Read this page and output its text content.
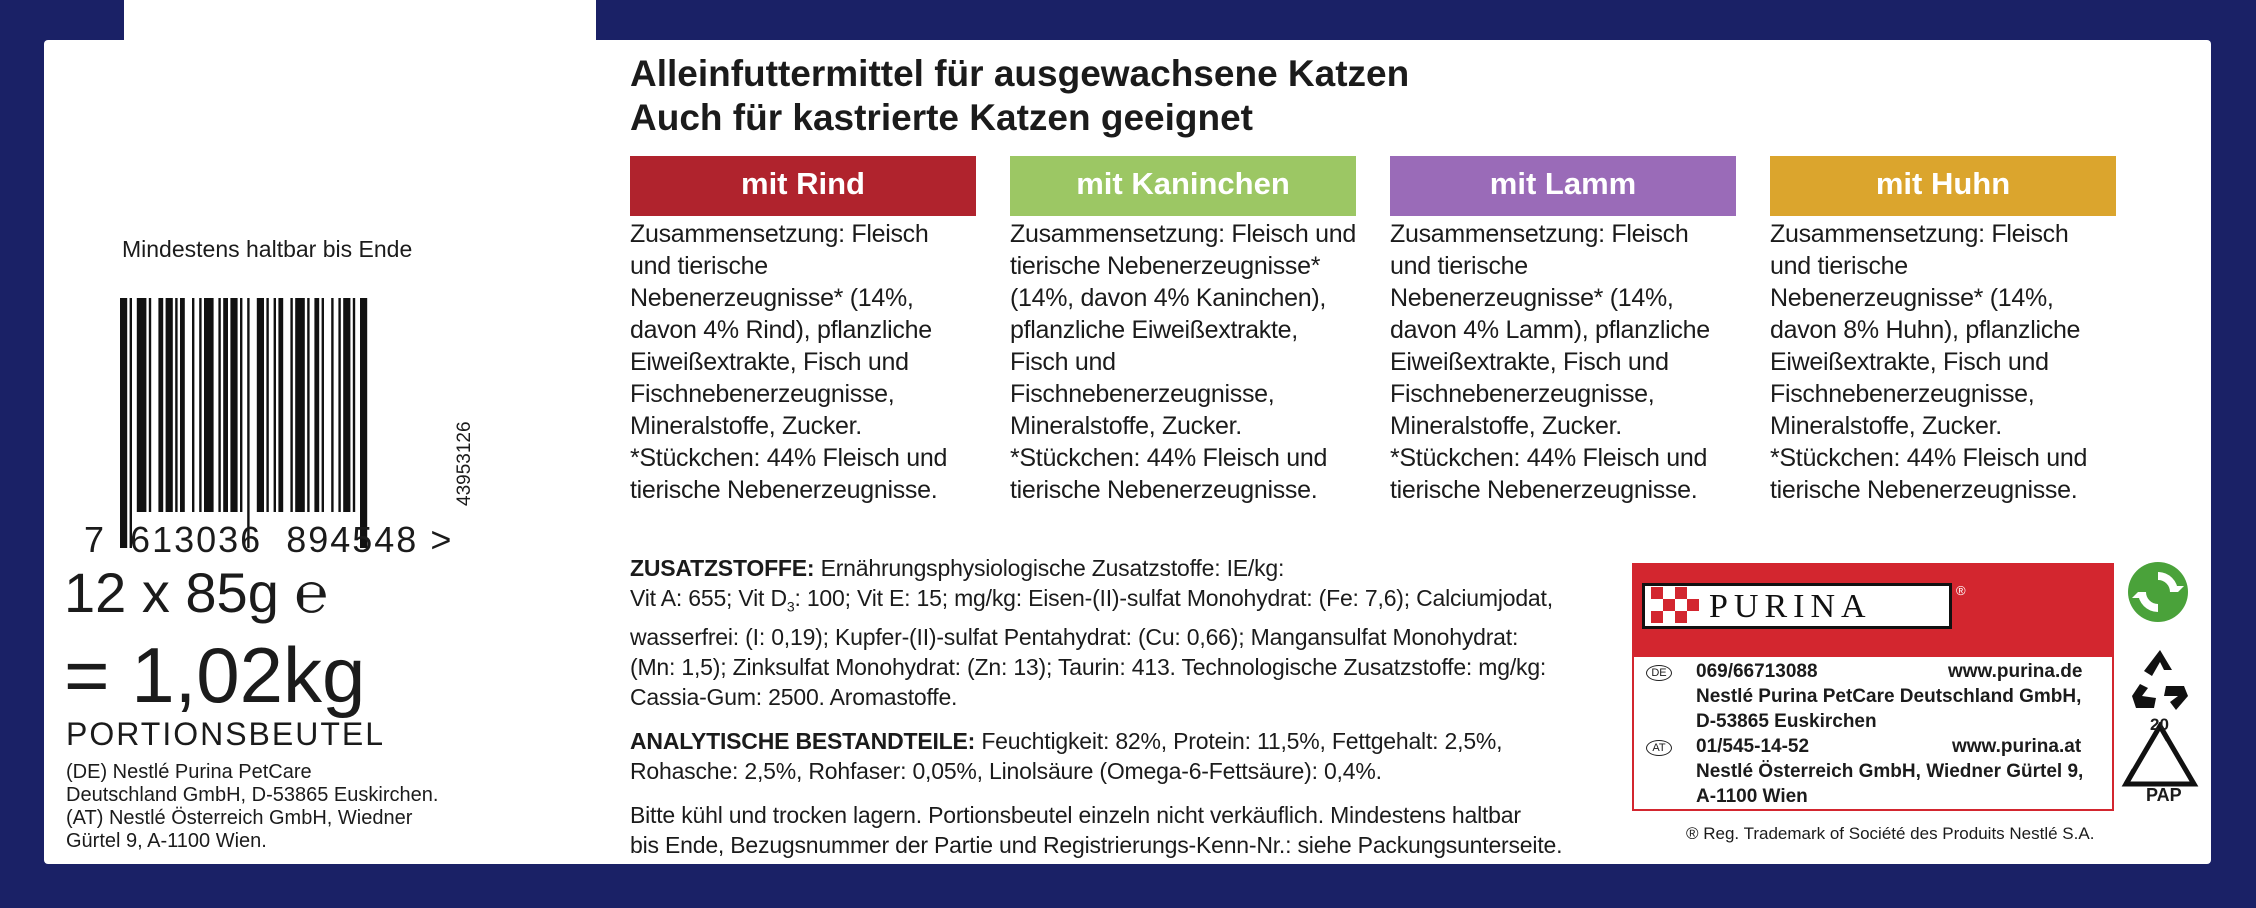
Mindestens haltbar bis Ende
7 613036 894548 >
43953126
12 x 85g ℮
= 1,02kg
PORTIONSBEUTEL
(DE) Nestlé Purina PetCare
Deutschland GmbH, D-53865 Euskirchen.
(AT) Nestlé Österreich GmbH, Wiedner
Gürtel 9, A-1100 Wien.
Alleinfuttermittel für ausgewachsene Katzen
Auch für kastrierte Katzen geeignet
mit Rind
Zusammensetzung: Fleisch
und tierische
Nebenerzeugnisse* (14%,
davon 4% Rind), pflanzliche
Eiweißextrakte, Fisch und
Fischnebenerzeugnisse,
Mineralstoffe, Zucker.
*Stückchen: 44% Fleisch und
tierische Nebenerzeugnisse.
mit Kaninchen
Zusammensetzung: Fleisch und
tierische Nebenerzeugnisse*
(14%, davon 4% Kaninchen),
pflanzliche Eiweißextrakte,
Fisch und
Fischnebenerzeugnisse,
Mineralstoffe, Zucker.
*Stückchen: 44% Fleisch und
tierische Nebenerzeugnisse.
mit Lamm
Zusammensetzung: Fleisch
und tierische
Nebenerzeugnisse* (14%,
davon 4% Lamm), pflanzliche
Eiweißextrakte, Fisch und
Fischnebenerzeugnisse,
Mineralstoffe, Zucker.
*Stückchen: 44% Fleisch und
tierische Nebenerzeugnisse.
mit Huhn
Zusammensetzung: Fleisch
und tierische
Nebenerzeugnisse* (14%,
davon 8% Huhn), pflanzliche
Eiweißextrakte, Fisch und
Fischnebenerzeugnisse,
Mineralstoffe, Zucker.
*Stückchen: 44% Fleisch und
tierische Nebenerzeugnisse.

ZUSATZSTOFFE: Ernährungsphysiologische Zusatzstoffe: IE/kg:
Vit A: 655; Vit $D_3$: 100; Vit E: 15; mg/kg: Eisen-(II)-sulfat Monohydrat: (Fe: 7,6); Calciumjodat,
wasserfrei: (I: 0,19); Kupfer-(II)-sulfat Pentahydrat: (Cu: 0,66); Mangansulfat Monohydrat:
(Mn: 1,5); Zinksulfat Monohydrat: (Zn: 13); Taurin: 413. Technologische Zusatzstoffe: mg/kg:
Cassia-Gum: 2500. Aromastoffe.

ANALYTISCHE BESTANDTEILE: Feuchtigkeit: 82%, Protein: 11,5%, Fettgehalt: 2,5%,
Rohasche: 2,5%, Rohfaser: 0,05%, Linolsäure (Omega-6-Fettsäure): 0,4%.

Bitte kühl und trocken lagern. Portionsbeutel einzeln nicht verkäuflich. Mindestens haltbar
bis Ende, Bezugsnummer der Partie und Registrierungs-Kenn-Nr.: siehe Packungsunterseite.

PURINA	®
DE 069/66713088	www.purina.de
Nestlé Purina PetCare Deutschland GmbH,
D-53865 Euskirchen
AT	01/545-14-52	www.purina.at
Nestlé Österreich GmbH, Wiedner Gürtel 9,
A-1100 Wien
® Reg. Trademark of Société des Produits Nestlé S.A.
20
PAP
